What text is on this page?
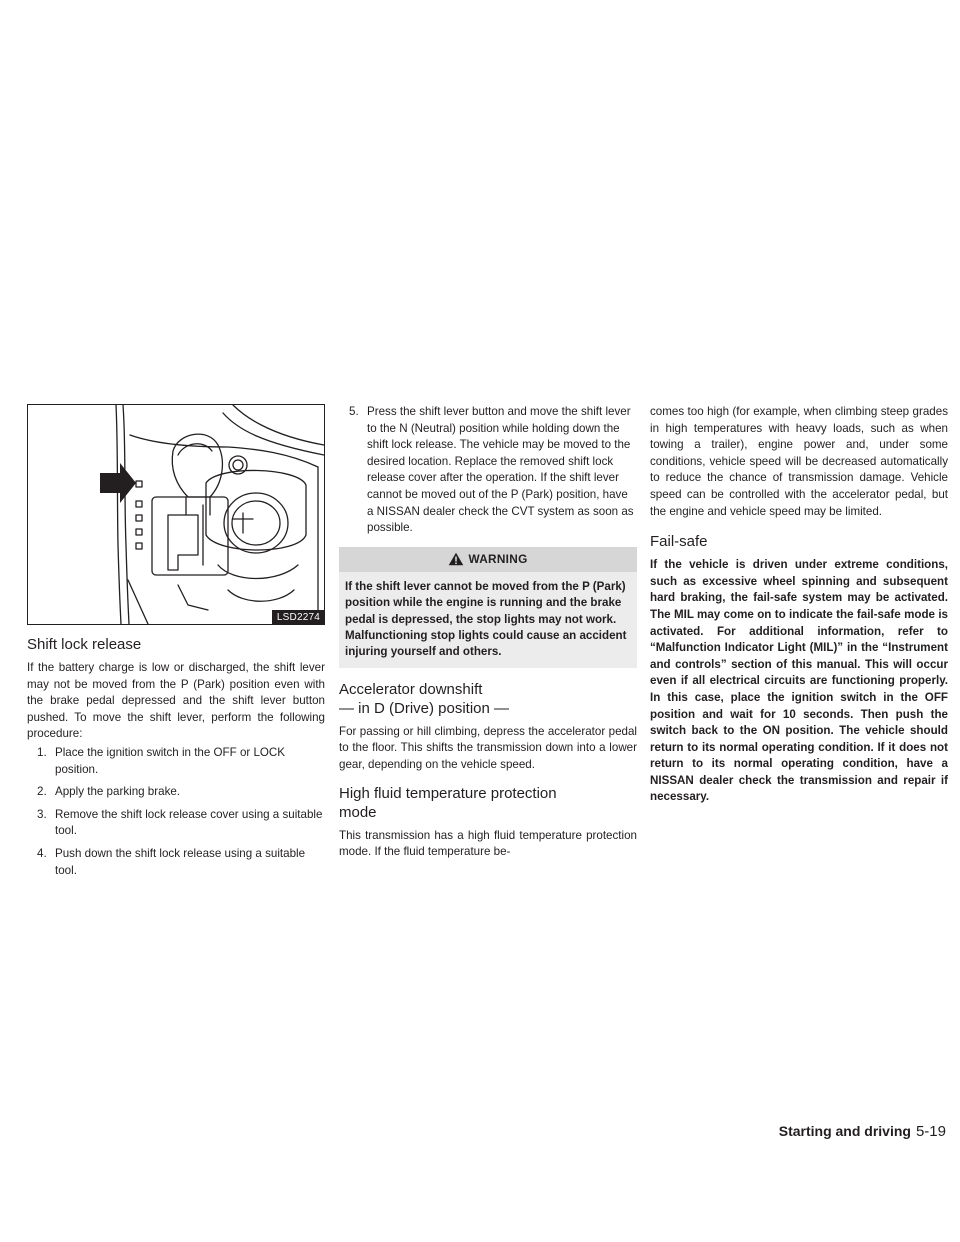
LSD2274
Shift lock release

If the battery charge is low or discharged, the shift lever may not be moved from the P (Park) position even with the brake pedal depressed and the shift lever button pushed. To move the shift lever, perform the following procedure:

1. Place the ignition switch in the OFF or LOCK position.
2. Apply the parking brake.
3. Remove the shift lock release cover using a suitable tool.
4. Push down the shift lock release using a suitable tool.
5. Press the shift lever button and move the shift lever to the N (Neutral) position while holding down the shift lock release. The vehicle may be moved to the desired location. Replace the removed shift lock release cover after the operation. If the shift lever cannot be moved out of the P (Park) position, have a NISSAN dealer check the CVT system as soon as possible.
WARNING

If the shift lever cannot be moved from the P (Park) position while the engine is running and the brake pedal is depressed, the stop lights may not work. Malfunctioning stop lights could cause an accident injuring yourself and others.

Accelerator downshift
— in D (Drive) position —

For passing or hill climbing, depress the accelerator pedal to the floor. This shifts the transmission down into a lower gear, depending on the vehicle speed.

High fluid temperature protection
mode

This transmission has a high fluid temperature protection mode. If the fluid temperature be-

comes too high (for example, when climbing steep grades in high temperatures with heavy loads, such as when towing a trailer), engine power and, under some conditions, vehicle speed will be decreased automatically to reduce the chance of transmission damage. Vehicle speed can be controlled with the accelerator pedal, but the engine and vehicle speed may be limited.

Fail-safe

If the vehicle is driven under extreme conditions, such as excessive wheel spinning and subsequent hard braking, the fail-safe system may be activated. The MIL may come on to indicate the fail-safe mode is activated. For additional information, refer to “Malfunction Indicator Light (MIL)” in the “Instrument and controls” section of this manual. This will occur even if all electrical circuits are functioning properly. In this case, place the ignition switch in the OFF position and wait for 10 seconds. Then push the switch back to the ON position. The vehicle should return to its normal operating condition. If it does not return to its normal operating condition, have a NISSAN dealer check the transmission and repair if necessary.

Starting and driving 5-19
